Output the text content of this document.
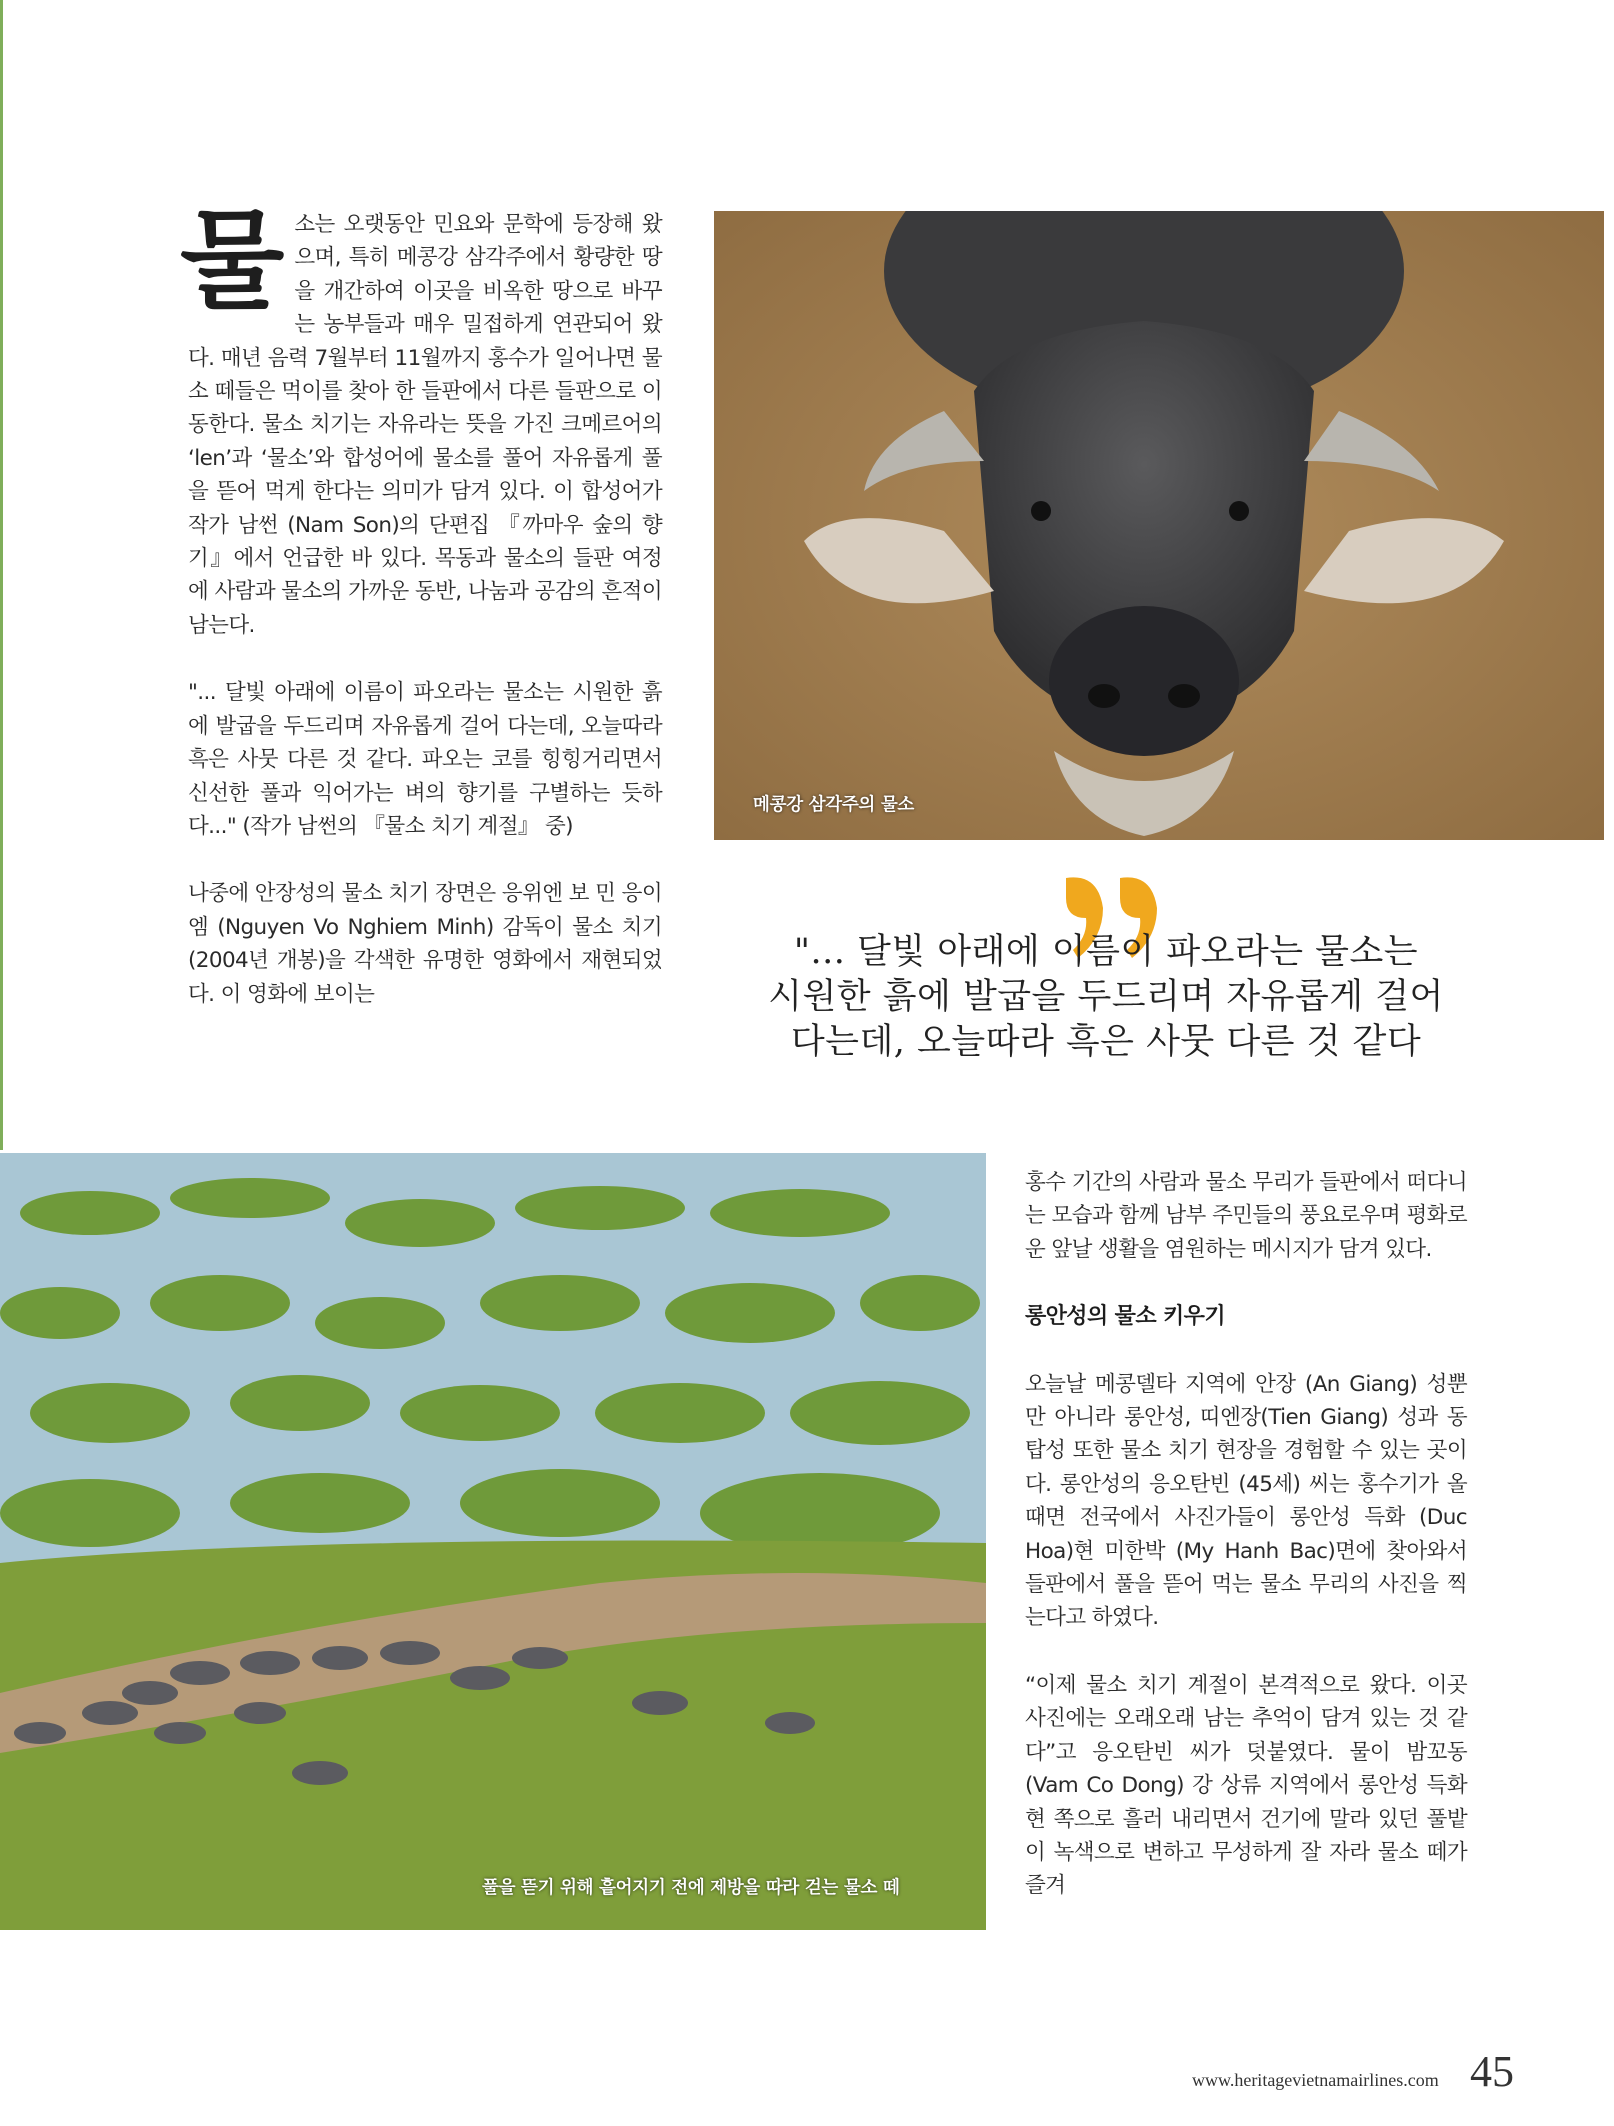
물소는 오랫동안 민요와 문학에 등장해 왔으며, 특히 메콩강 삼각주에서 황량한 땅을 개간하여 이곳을 비옥한 땅으로 바꾸는 농부들과 매우 밀접하게 연관되어 왔다. 매년 음력 7월부터 11월까지 홍수가 일어나면 물소 떼들은 먹이를 찾아 한 들판에서 다른 들판으로 이동한다. 물소 치기는 자유라는 뜻을 가진 크메르어의 ‘len’과 ‘물소’와 합성어에 물소를 풀어 자유롭게 풀을 뜯어 먹게 한다는 의미가 담겨 있다. 이 합성어가 작가 남썬 (Nam Son)의 단편집 『까마우 숲의 향기』에서 언급한 바 있다. 목동과 물소의 들판 여정에 사람과 물소의 가까운 동반, 나눔과 공감의 흔적이 남는다.

"... 달빛 아래에 이름이 파오라는 물소는 시원한 흙에 발굽을 두드리며 자유롭게 걸어 다는데, 오늘따라 흑은 사뭇 다른 것 같다. 파오는 코를 힝힝거리면서 신선한 풀과 익어가는 벼의 향기를 구별하는 듯하다..." (작가 남썬의 『물소 치기 계절』 중)

나중에 안장성의 물소 치기 장면은 응위엔 보 민 응이엠 (Nguyen Vo Nghiem Minh) 감독이 물소 치기 (2004년 개봉)을 각색한 유명한 영화에서 재현되었다. 이 영화에 보이는

메콩강 삼각주의 물소
"... 달빛 아래에 이름이 파오라는 물소는
시원한 흙에 발굽을 두드리며 자유롭게 걸어
다는데, 오늘따라 흑은 사뭇 다른 것 같다
풀을 뜯기 위해 흩어지기 전에 제방을 따라 걷는 물소 떼

홍수 기간의 사람과 물소 무리가 들판에서 떠다니는 모습과 함께 남부 주민들의 풍요로우며 평화로운 앞날 생활을 염원하는 메시지가 담겨 있다.

롱안성의 물소 키우기

오늘날 메콩델타 지역에 안장 (An Giang) 성뿐만 아니라 롱안성, 띠엔장(Tien Giang) 성과 동탑성 또한 물소 치기 현장을 경험할 수 있는 곳이다. 롱안성의 응오탄빈 (45세) 씨는 홍수기가 올 때면 전국에서 사진가들이 롱안성 득화 (Duc Hoa)현 미한박 (My Hanh Bac)면에 찾아와서 들판에서 풀을 뜯어 먹는 물소 무리의 사진을 찍는다고 하였다.

“이제 물소 치기 계절이 본격적으로 왔다. 이곳 사진에는 오래오래 남는 추억이 담겨 있는 것 같다”고 응오탄빈 씨가 덧붙였다. 물이 밤꼬동 (Vam Co Dong) 강 상류 지역에서 롱안성 득화현 쪽으로 흘러 내리면서 건기에 말라 있던 풀밭이 녹색으로 변하고 무성하게 잘 자라 물소 떼가 즐겨

www.heritagevietnamairlines.com 45
